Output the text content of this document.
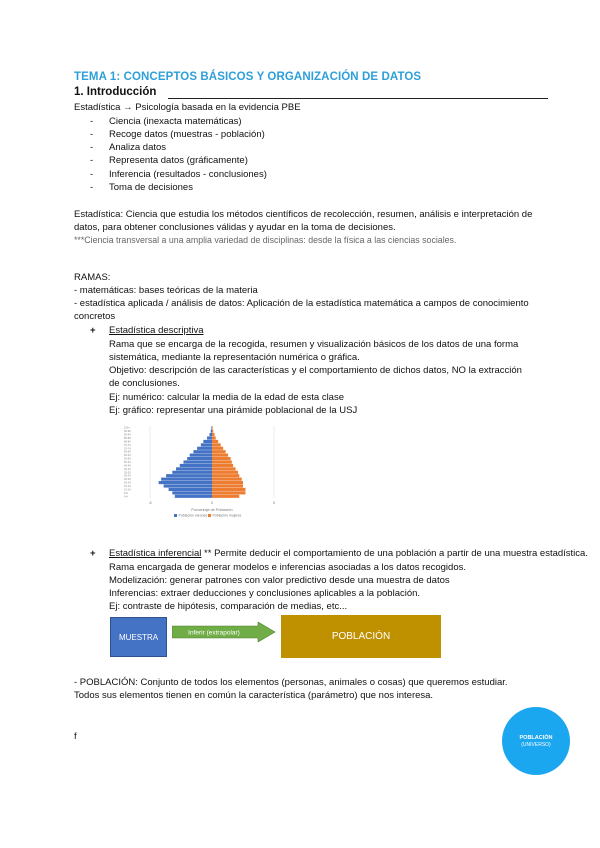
TEMA 1: CONCEPTOS BÁSICOS Y ORGANIZACIÓN DE DATOS
1. Introducción
Estadística → Psicología basada en la evidencia PBE
- Ciencia (inexacta matemáticas)
- Recoge datos (muestras - población)
- Analiza datos
- Representa datos (gráficamente)
- Inferencia (resultados - conclusiones)
- Toma de decisiones
Estadística: Ciencia que estudia los métodos científicos de recolección, resumen, análisis e interpretación de
datos, para obtener conclusiones válidas y ayudar en la toma de decisiones.
***Ciencia transversal a una amplia variedad de disciplinas: desde la física a las ciencias sociales.
RAMAS:
- matemáticas: bases teóricas de la materia
- estadística aplicada / análisis de datos: Aplicación de la estadística matemática a campos de conocimiento
concretos
+ Estadística descriptiva
Rama que se encarga de la recogida, resumen y visualización básicos de los datos de una forma
sistemática, mediante la representación numérica o gráfica.
Objetivo: descripción de las características y el comportamiento de dichos datos, NO la extracción
de conclusiones.
Ej: numérico: calcular la media de la edad de esta clase
Ej: gráfico: representar una pirámide poblacional de la USJ
-5	0	5
0-4
5-9
10-14
15-19
20-24
25-29
30-34
35-39
40-44
45-49
50-54
55-59
60-64
65-69
70-74
75-79
80-84
85-89
90-94
95-99
100+
Porcentaje de Población
Población varones Población mujeres
+ Estadística inferencial ** Permite deducir el comportamiento de una población a partir de una muestra estadística.
Rama encargada de generar modelos e inferencias asociadas a los datos recogidos.
Modelización: generar patrones con valor predictivo desde una muestra de datos
Inferencias: extraer deducciones y conclusiones aplicables a la población.
Ej: contraste de hipótesis, comparación de medias, etc...
MUESTRA	Inferir (extrapolar)	POBLACIÓN
- POBLACIÓN: Conjunto de todos los elementos (personas, animales o cosas) que queremos estudiar.
Todos sus elementos tienen en común la característica (parámetro) que nos interesa.
POBLACIÓN
(UNIVERSO)
f
